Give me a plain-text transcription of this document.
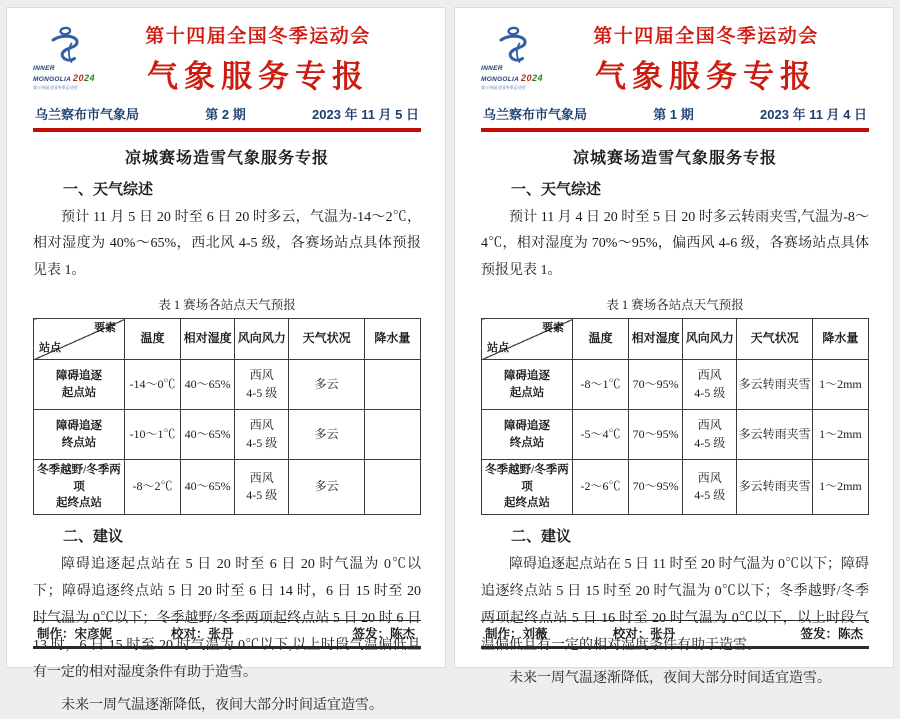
INNER
MONGOLIA 2024
第十四届全国冬季运动会
第十四届全国冬季运动会
气象服务专报
乌兰察布市气象局	第 2 期	2023 年 11 月 5 日
凉城赛场造雪气象服务专报
一、天气综述

预计 11 月 5 日 20 时至 6 日 20 时多云，气温为-14～2℃，相对湿度为 40%～65%，西北风 4-5 级，各赛场站点具体预报见表 1。

表 1 赛场各站点天气预报
要素
站点	温度	相对湿度	风向风力	天气状况	降水量
障碍追逐
起点站	-14～0℃	40～65%	西风
4-5 级	多云	
障碍追逐
终点站	-10～1℃	40～65%	西风
4-5 级	多云	
冬季越野/冬季两项
起终点站	-8～2℃	40～65%	西风
4-5 级	多云	
二、建议

障碍追逐起点站在 5 日 20 时至 6 日 20 时气温为 0℃以下；障碍追逐终点站 5 日 20 时至 6 日 14 时，6 日 15 时至 20 时气温为 0℃以下；冬季越野/冬季两项起终点站 5 日 20 时 6 日 13 时，6 日 15 时至 20 时气温为 0℃以下,以上时段气温偏低且有一定的相对湿度条件有助于造雪。

未来一周气温逐渐降低，夜间大部分时间适宜造雪。

制作：宋彦妮	校对：张丹	签发：陈杰
INNER
MONGOLIA 2024
第十四届全国冬季运动会
第十四届全国冬季运动会
气象服务专报
乌兰察布市气象局	第 1 期	2023 年 11 月 4 日
凉城赛场造雪气象服务专报
一、天气综述

预计 11 月 4 日 20 时至 5 日 20 时多云转雨夹雪,气温为-8～4℃，相对湿度为 70%～95%，偏西风 4-6 级，各赛场站点具体预报见表 1。

表 1 赛场各站点天气预报
要素
站点	温度	相对湿度	风向风力	天气状况	降水量
障碍追逐
起点站	-8～1℃	70～95%	西风
4-5 级	多云转雨夹雪	1～2mm
障碍追逐
终点站	-5～4℃	70～95%	西风
4-5 级	多云转雨夹雪	1～2mm
冬季越野/冬季两项
起终点站	-2～6℃	70～95%	西风
4-5 级	多云转雨夹雪	1～2mm
二、建议

障碍追逐起点站在 5 日 11 时至 20 时气温为 0℃以下；障碍追逐终点站 5 日 15 时至 20 时气温为 0℃以下；冬季越野/冬季两项起终点站 5 日 16 时至 20 时气温为 0℃以下，以上时段气温偏低且有一定的相对湿度条件有助于造雪。

未来一周气温逐渐降低，夜间大部分时间适宜造雪。

制作：刘薇	校对：张丹	签发：陈杰
